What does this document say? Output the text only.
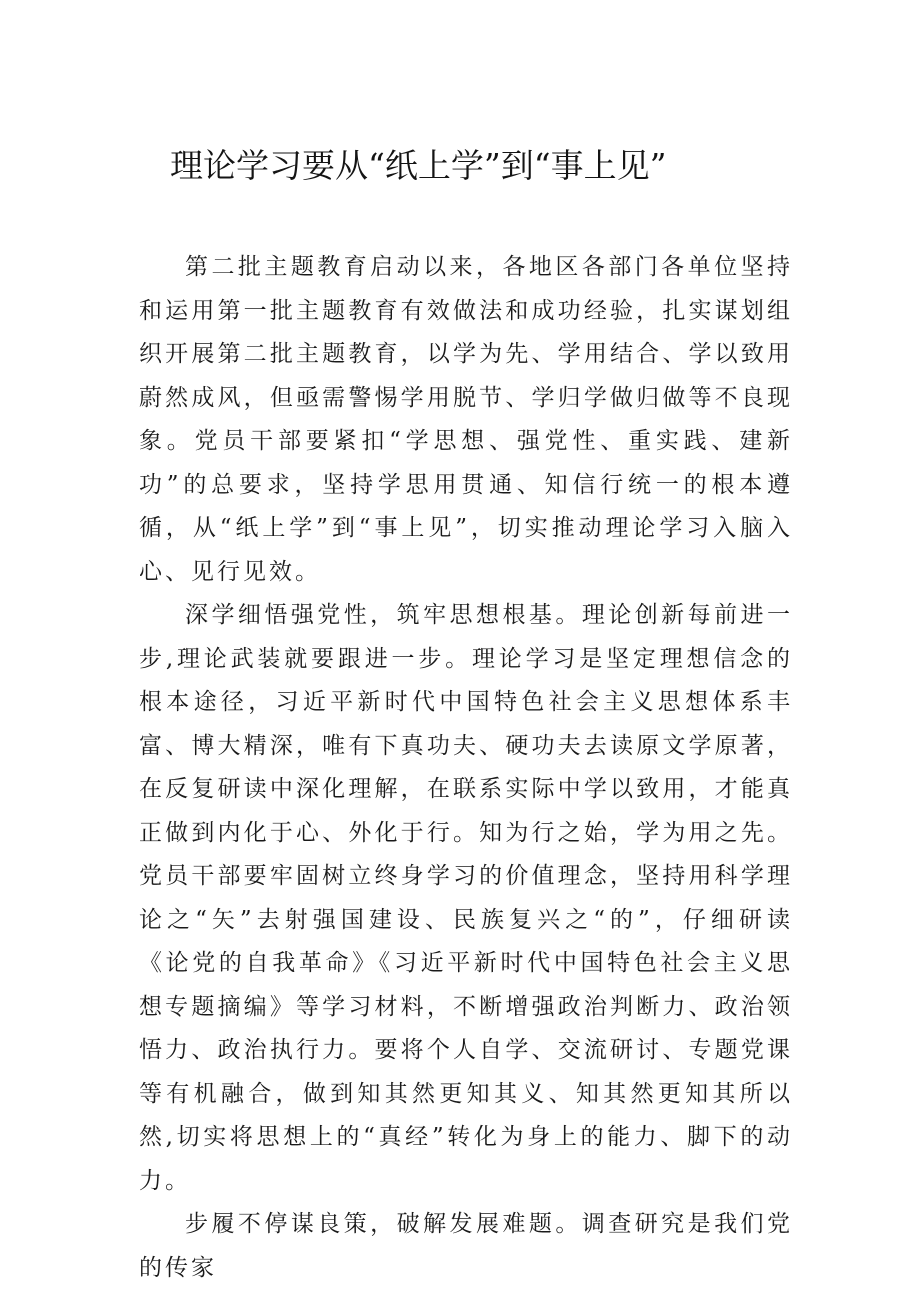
理论学习要从“纸上学”到“事上见”

第二批主题教育启动以来，各地区各部门各单位坚持和运用第一批主题教育有效做法和成功经验，扎实谋划组织开展第二批主题教育，以学为先、学用结合、学以致用蔚然成风，但亟需警惕学用脱节、学归学做归做等不良现象。党员干部要紧扣“学思想、强党性、重实践、建新功”的总要求，坚持学思用贯通、知信行统一的根本遵循，从“纸上学”到“事上见”，切实推动理论学习入脑入心、见行见效。

深学细悟强党性，筑牢思想根基。理论创新每前进一步,理论武装就要跟进一步。理论学习是坚定理想信念的根本途径，习近平新时代中国特色社会主义思想体系丰富、博大精深，唯有下真功夫、硬功夫去读原文学原著，在反复研读中深化理解，在联系实际中学以致用，才能真正做到内化于心、外化于行。知为行之始，学为用之先。党员干部要牢固树立终身学习的价值理念，坚持用科学理论之“矢”去射强国建设、民族复兴之“的”，仔细研读《论党的自我革命》《习近平新时代中国特色社会主义思想专题摘编》等学习材料，不断增强政治判断力、政治领悟力、政治执行力。要将个人自学、交流研讨、专题党课等有机融合，做到知其然更知其义、知其然更知其所以然,切实将思想上的“真经”转化为身上的能力、脚下的动力。

步履不停谋良策，破解发展难题。调查研究是我们党的传家
